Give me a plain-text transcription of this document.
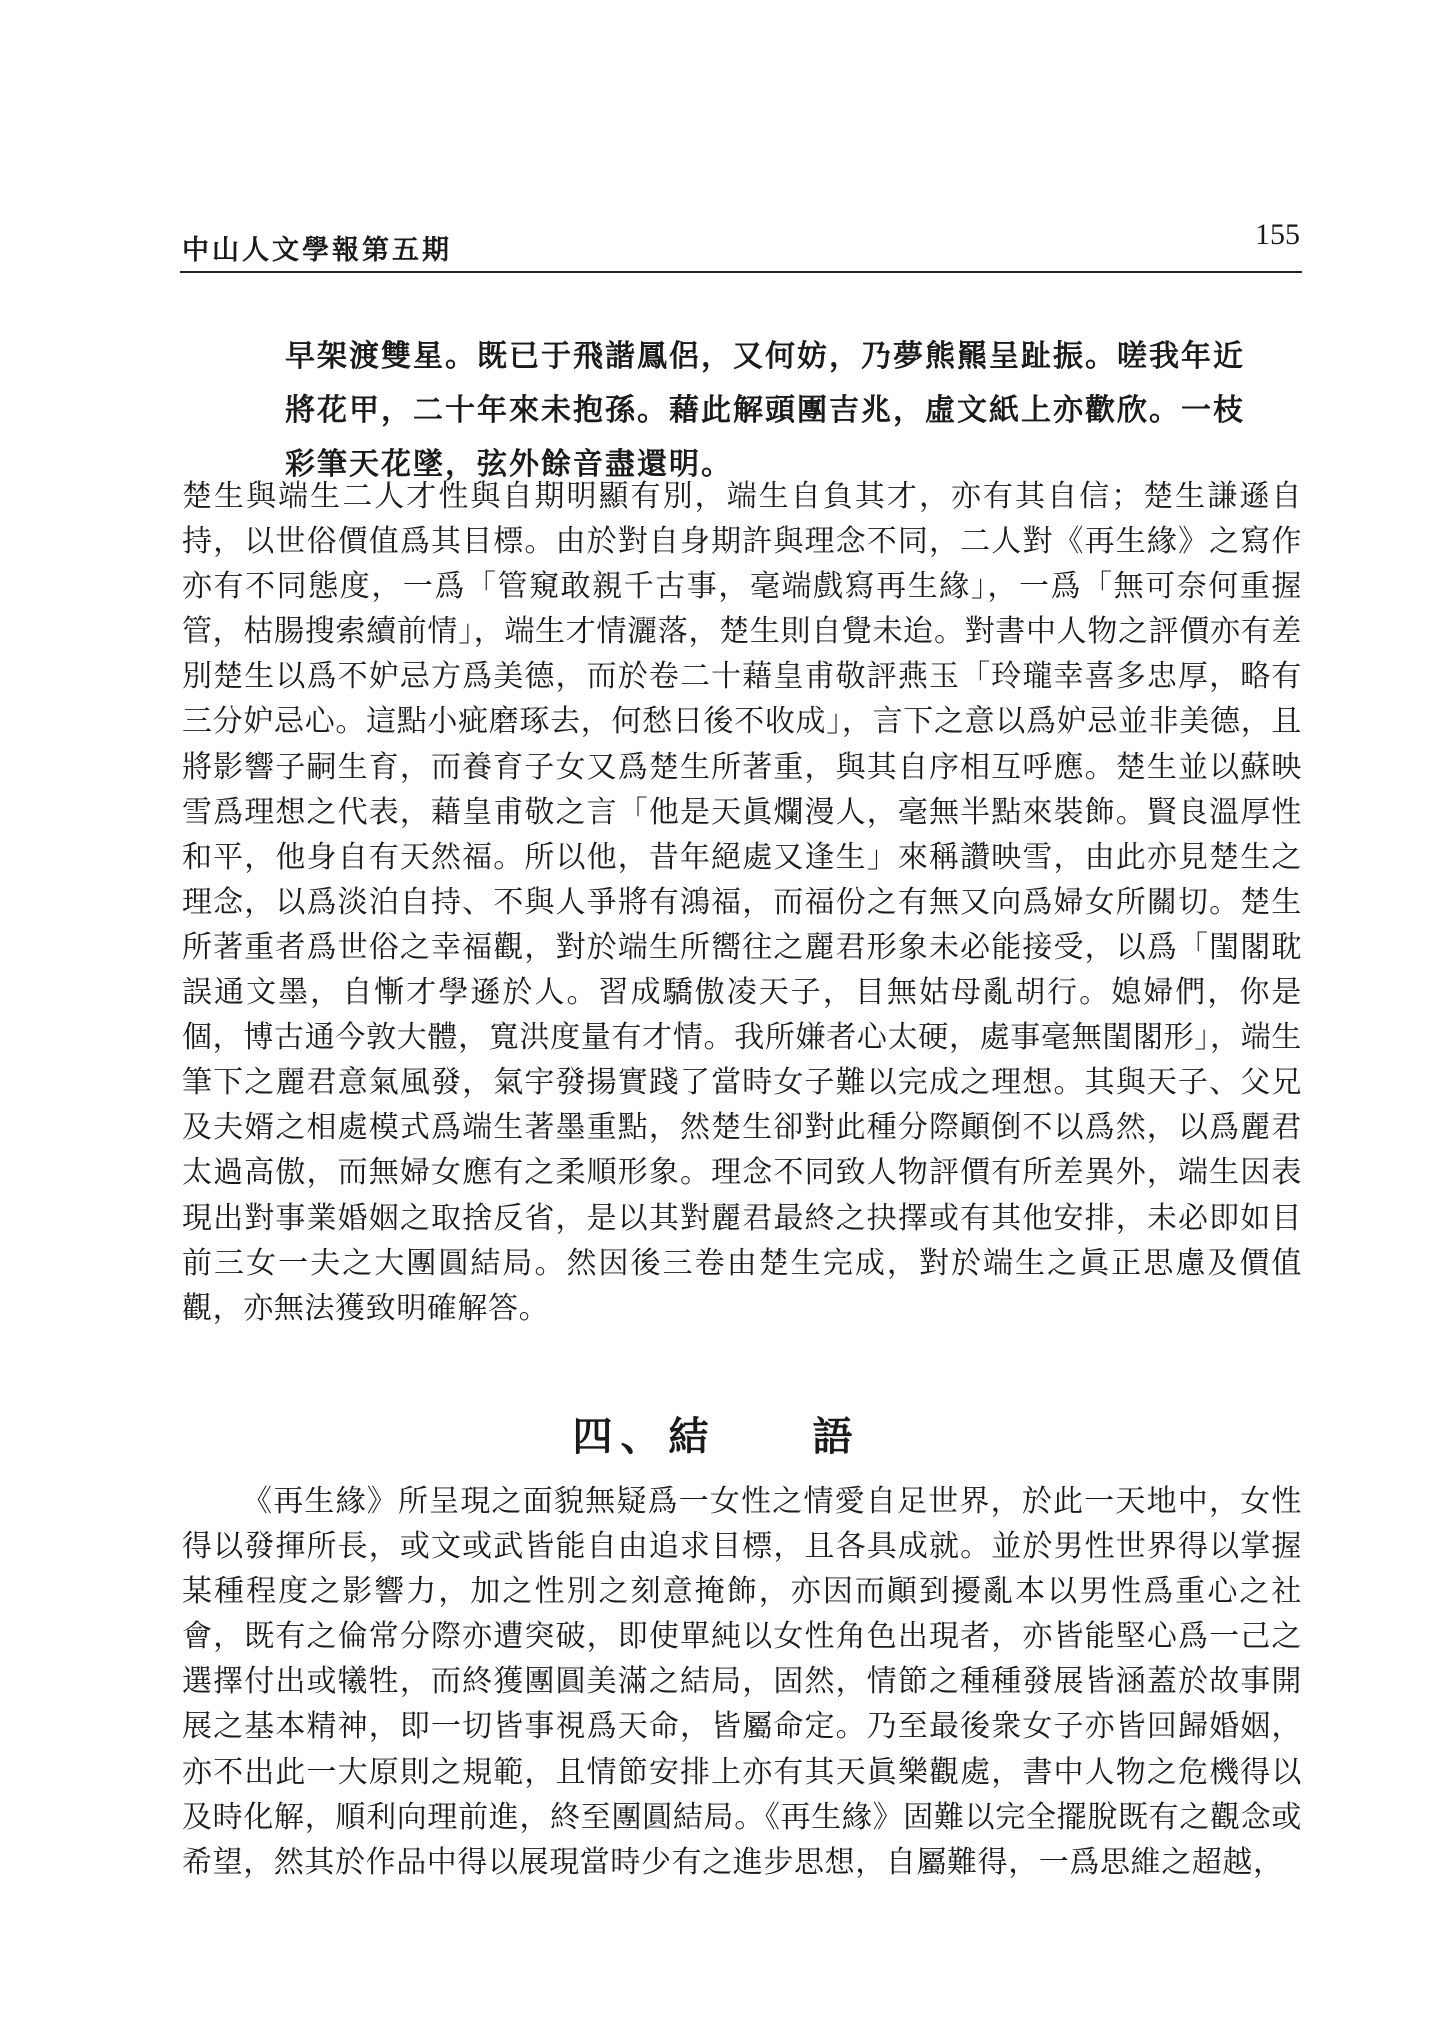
中山人文學報第五期	155
早架渡雙星。既已于飛諧鳳侶，又何妨，乃夢熊羆呈趾振。嗟我年近
將花甲，二十年來未抱孫。藉此解頭團吉兆，虛文紙上亦歡欣。一枝
彩筆天花墜，弦外餘音盡還明。
楚生與端生二人才性與自期明顯有別，端生自負其才，亦有其自信；楚生謙遜自持，以世俗價值爲其目標。由於對自身期許與理念不同，二人對《再生緣》之寫作亦有不同態度，一爲「管窺敢親千古事，毫端戲寫再生緣」，一爲「無可奈何重握管，枯腸搜索續前情」，端生才情灑落，楚生則自覺未迨。對書中人物之評價亦有差別楚生以爲不妒忌方爲美德，而於卷二十藉皇甫敬評燕玉「玲瓏幸喜多忠厚，略有三分妒忌心。這點小疵磨琢去，何愁日後不收成」，言下之意以爲妒忌並非美德，且將影響子嗣生育，而養育子女又爲楚生所著重，與其自序相互呼應。楚生並以蘇映雪爲理想之代表，藉皇甫敬之言「他是天眞爛漫人，毫無半點來裝飾。賢良溫厚性和平，他身自有天然福。所以他，昔年絕處又逢生」來稱讚映雪，由此亦見楚生之理念，以爲淡泊自持、不與人爭將有鴻福，而福份之有無又向爲婦女所關切。楚生所著重者爲世俗之幸福觀，對於端生所嚮往之麗君形象未必能接受，以爲「閨閣耽誤通文墨，自慚才學遜於人。習成驕傲凌天子，目無姑母亂胡行。媳婦們，你是個，博古通今敦大體，寬洪度量有才情。我所嫌者心太硬，處事毫無閨閣形」，端生筆下之麗君意氣風發，氣宇發揚實踐了當時女子難以完成之理想。其與天子、父兄及夫婿之相處模式爲端生著墨重點，然楚生卻對此種分際顚倒不以爲然，以爲麗君太過高傲，而無婦女應有之柔順形象。理念不同致人物評價有所差異外，端生因表現出對事業婚姻之取捨反省，是以其對麗君最終之抉擇或有其他安排，未必即如目前三女一夫之大團圓結局。然因後三卷由楚生完成，對於端生之眞正思慮及價值觀，亦無法獲致明確解答。
四、結　　語
《再生緣》所呈現之面貌無疑爲一女性之情愛自足世界，於此一天地中，女性得以發揮所長，或文或武皆能自由追求目標，且各具成就。並於男性世界得以掌握某種程度之影響力，加之性別之刻意掩飾，亦因而顚到擾亂本以男性爲重心之社會，既有之倫常分際亦遭突破，即使單純以女性角色出現者，亦皆能堅心爲一己之選擇付出或犧牲，而終獲團圓美滿之結局，固然，情節之種種發展皆涵蓋於故事開展之基本精神，即一切皆事視爲天命，皆屬命定。乃至最後衆女子亦皆回歸婚姻，亦不出此一大原則之規範，且情節安排上亦有其天眞樂觀處，書中人物之危機得以及時化解，順利向理前進，終至團圓結局。《再生緣》固難以完全擺脫既有之觀念或希望，然其於作品中得以展現當時少有之進步思想，自屬難得，一爲思維之超越，
